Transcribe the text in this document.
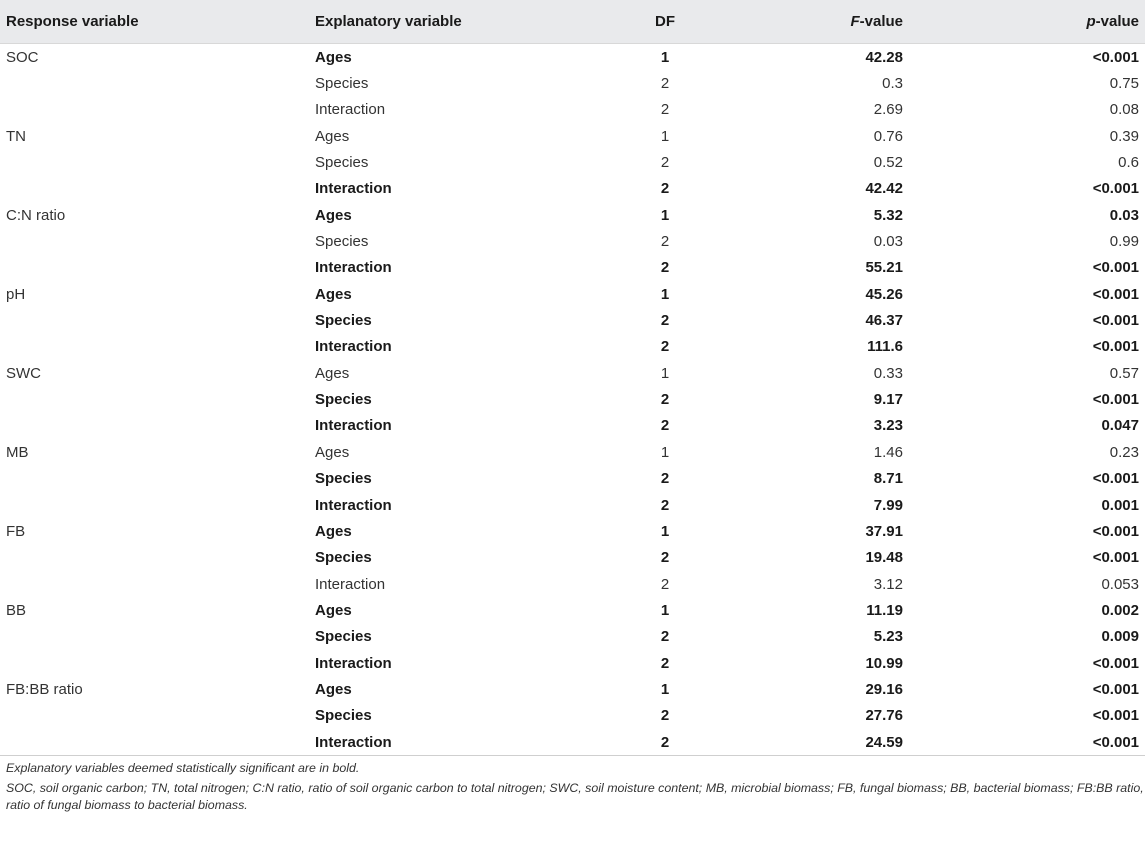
Response variable	Explanatory variable	DF	F-value	p-value
SOC	Ages	1	42.28	<0.001
	Species	2	0.3	0.75
	Interaction	2	2.69	0.08
TN	Ages	1	0.76	0.39
	Species	2	0.52	0.6
	Interaction	2	42.42	<0.001
C:N ratio	Ages	1	5.32	0.03
	Species	2	0.03	0.99
	Interaction	2	55.21	<0.001
pH	Ages	1	45.26	<0.001
	Species	2	46.37	<0.001
	Interaction	2	111.6	<0.001
SWC	Ages	1	0.33	0.57
	Species	2	9.17	<0.001
	Interaction	2	3.23	0.047
MB	Ages	1	1.46	0.23
	Species	2	8.71	<0.001
	Interaction	2	7.99	0.001
FB	Ages	1	37.91	<0.001
	Species	2	19.48	<0.001
	Interaction	2	3.12	0.053
BB	Ages	1	11.19	0.002
	Species	2	5.23	0.009
	Interaction	2	10.99	<0.001
FB:BB ratio	Ages	1	29.16	<0.001
	Species	2	27.76	<0.001
	Interaction	2	24.59	<0.001

Explanatory variables deemed statistically significant are in bold.

SOC, soil organic carbon; TN, total nitrogen; C:N ratio, ratio of soil organic carbon to total nitrogen; SWC, soil moisture content; MB, microbial biomass; FB, fungal biomass; BB, bacterial biomass; FB:BB ratio, ratio of fungal biomass to bacterial biomass.
